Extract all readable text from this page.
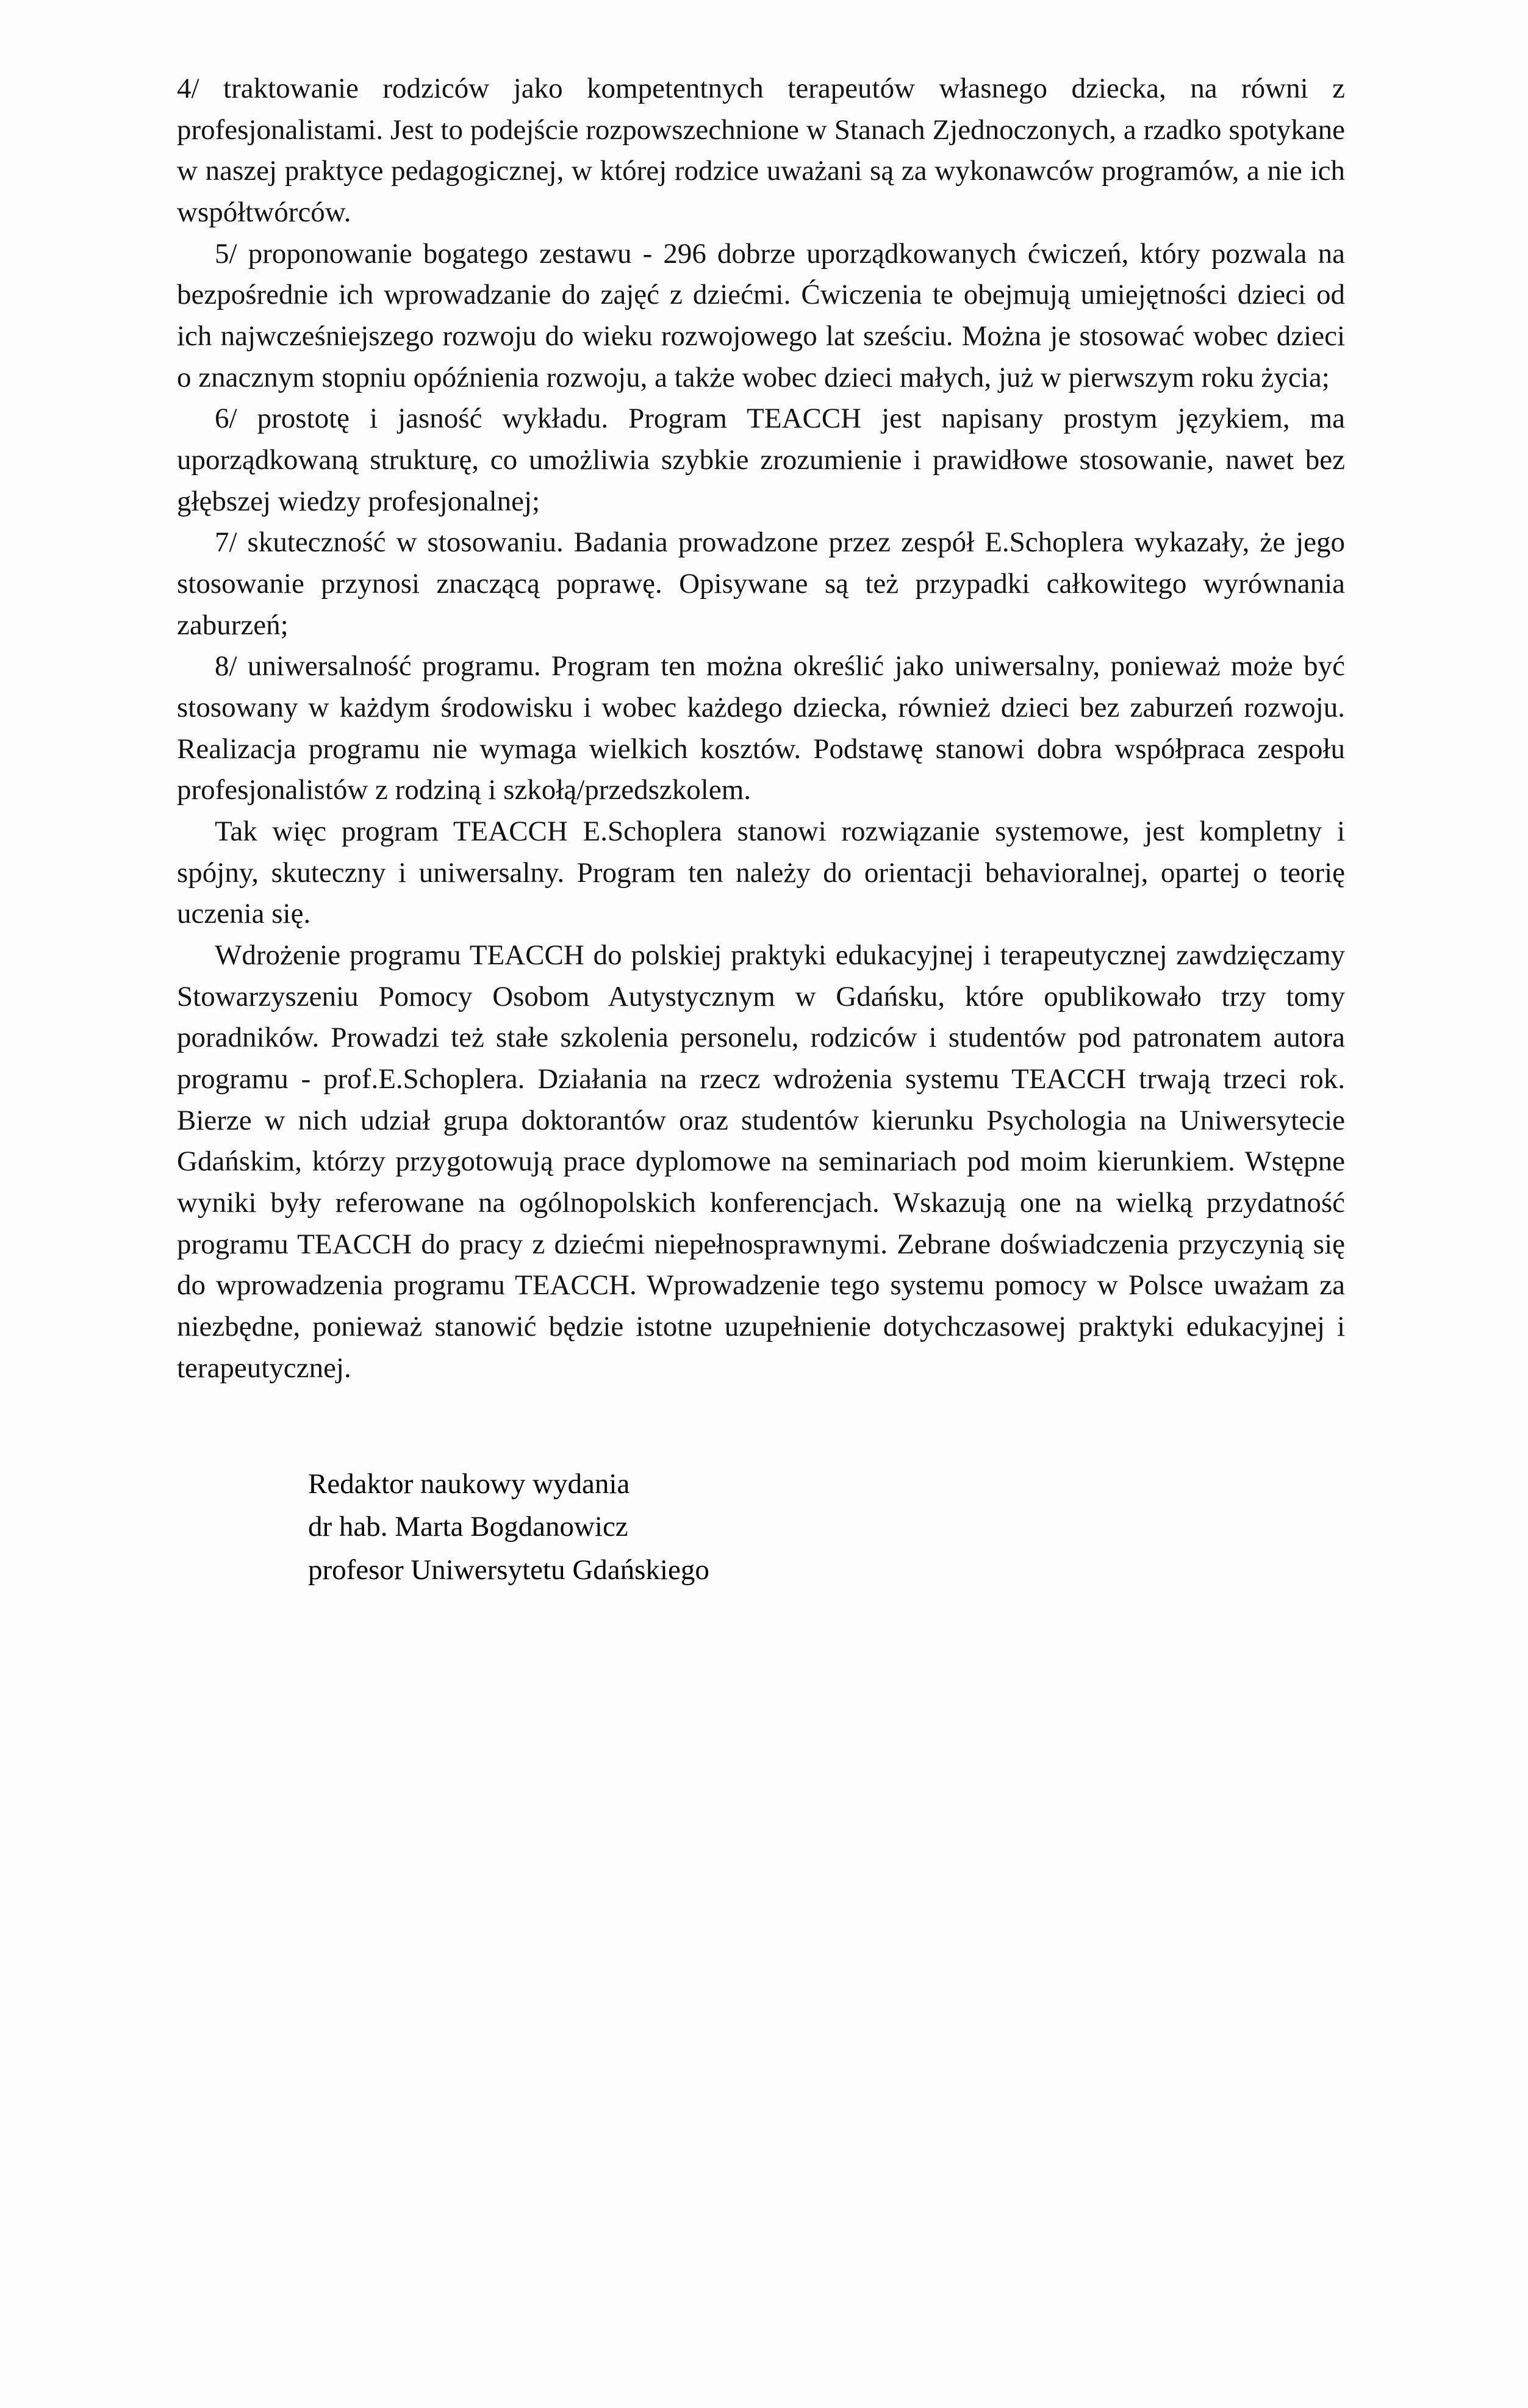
4/ traktowanie rodziców jako kompetentnych terapeutów własnego dziecka, na równi z profesjonalistami. Jest to podejście rozpowszechnione w Stanach Zjednoczonych, a rzadko spotykane w naszej praktyce pedagogicznej, w której rodzice uważani są za wykonawców programów, a nie ich współtwórców.

5/ proponowanie bogatego zestawu - 296 dobrze uporządkowanych ćwiczeń, który pozwala na bezpośrednie ich wprowadzanie do zajęć z dziećmi. Ćwiczenia te obejmują umiejętności dzieci od ich najwcześniejszego rozwoju do wieku rozwojowego lat sześciu. Można je stosować wobec dzieci o znacznym stopniu opóźnienia rozwoju, a także wobec dzieci małych, już w pierwszym roku życia;

6/ prostotę i jasność wykładu. Program TEACCH jest napisany prostym językiem, ma uporządkowaną strukturę, co umożliwia szybkie zrozumienie i prawidłowe stosowanie, nawet bez głębszej wiedzy profesjonalnej;

7/ skuteczność w stosowaniu. Badania prowadzone przez zespół E.Schoplera wykazały, że jego stosowanie przynosi znaczącą poprawę. Opisywane są też przypadki całkowitego wyrównania zaburzeń;

8/ uniwersalność programu. Program ten można określić jako uniwersalny, ponieważ może być stosowany w każdym środowisku i wobec każdego dziecka, również dzieci bez zaburzeń rozwoju. Realizacja programu nie wymaga wielkich kosztów. Podstawę stanowi dobra współpraca zespołu profesjonalistów z rodziną i szkołą/przedszkolem.

Tak więc program TEACCH E.Schoplera stanowi rozwiązanie systemowe, jest kompletny i spójny, skuteczny i uniwersalny. Program ten należy do orientacji behavioralnej, opartej o teorię uczenia się.

Wdrożenie programu TEACCH do polskiej praktyki edukacyjnej i terapeutycznej zawdzięczamy Stowarzyszeniu Pomocy Osobom Autystycznym w Gdańsku, które opublikowało trzy tomy poradników. Prowadzi też stałe szkolenia personelu, rodziców i studentów pod patronatem autora programu - prof.E.Schoplera. Działania na rzecz wdrożenia systemu TEACCH trwają trzeci rok. Bierze w nich udział grupa doktorantów oraz studentów kierunku Psychologia na Uniwersytecie Gdańskim, którzy przygotowują prace dyplomowe na seminariach pod moim kierunkiem. Wstępne wyniki były referowane na ogólnopolskich konferencjach. Wskazują one na wielką przydatność programu TEACCH do pracy z dziećmi niepełnosprawnymi. Zebrane doświadczenia przyczynią się do wprowadzenia programu TEACCH. Wprowadzenie tego systemu pomocy w Polsce uważam za niezbędne, ponieważ stanowić będzie istotne uzupełnienie dotychczasowej praktyki edukacyjnej i terapeutycznej.

Redaktor naukowy wydania

dr hab. Marta Bogdanowicz

profesor Uniwersytetu Gdańskiego
